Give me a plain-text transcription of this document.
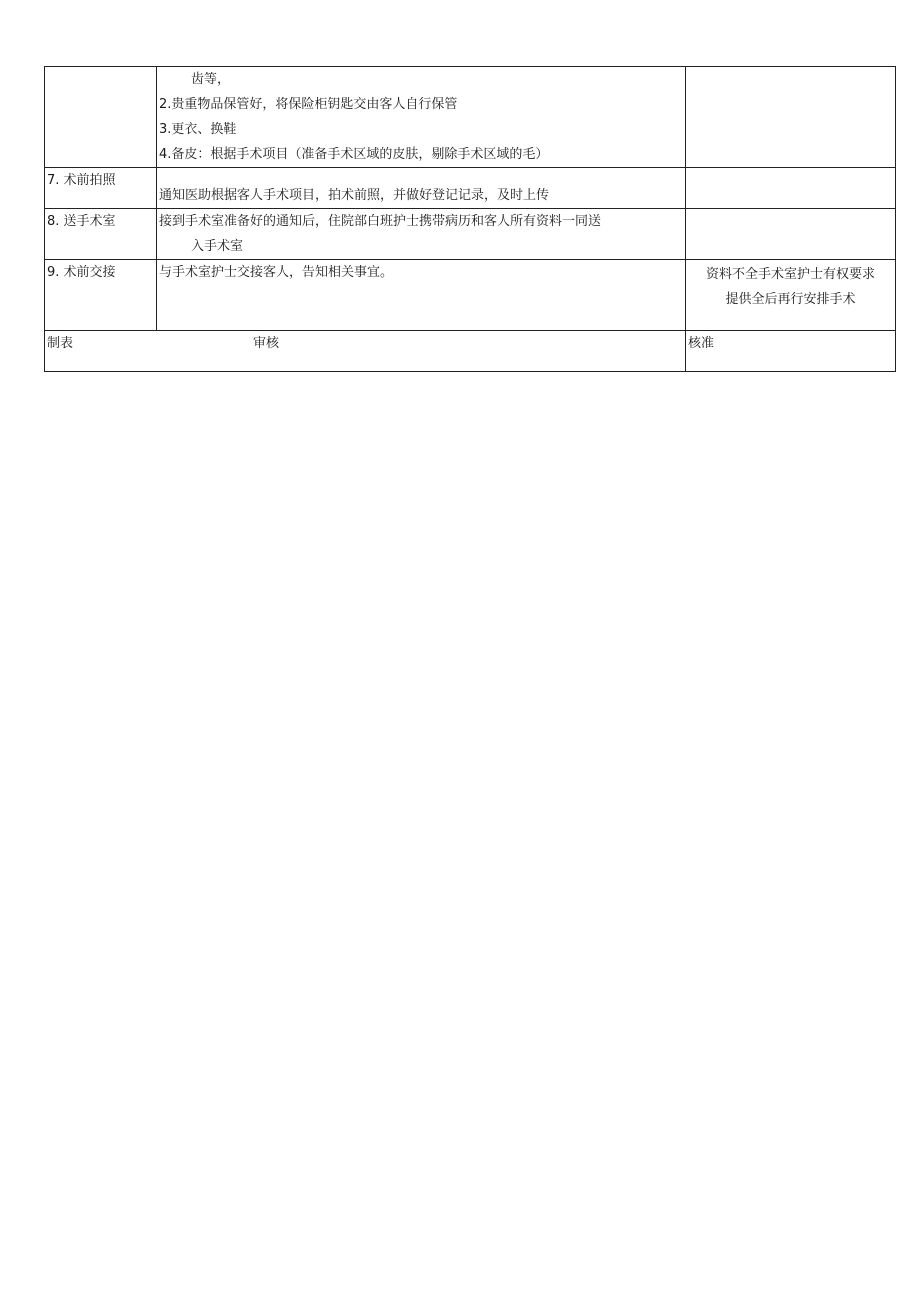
	齿等，
2.贵重物品保管好，将保险柜钥匙交由客人自行保管
3.更衣、换鞋
4.备皮：根据手术项目（准备手术区域的皮肤，剔除手术区域的毛）	

7. 术前拍照	通知医助根据客人手术项目，拍术前照，并做好登记记录，及时上传	

8. 送手术室	接到手术室准备好的通知后，住院部白班护士携带病历和客人所有资料一同送
入手术室	

9. 术前交接	与手术室护士交接客人，告知相关事宜。	资料不全手术室护士有权要求
提供全后再行安排手术

制表 审核		核准
